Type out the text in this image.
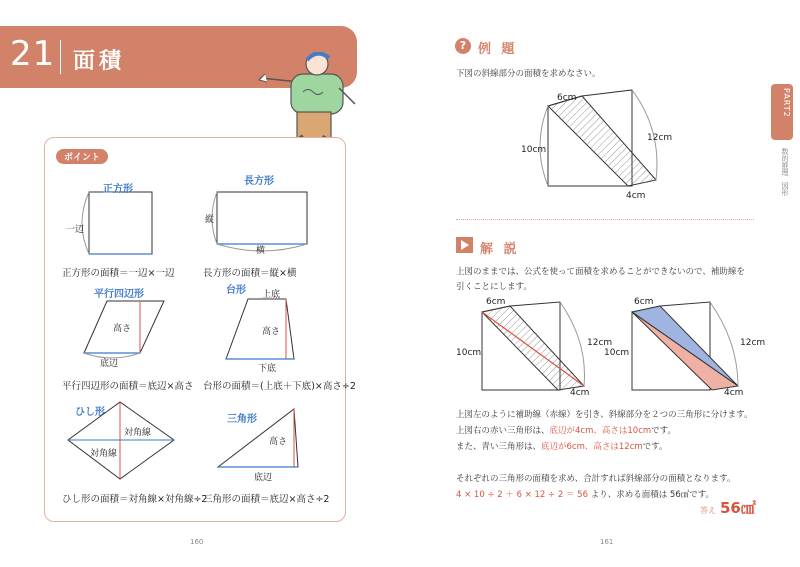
21 面積
ポイント
正方形
一辺
正方形の面積＝一辺×一辺
長方形
縦
横
長方形の面積＝縦×横
平行四辺形
高さ
底辺
平行四辺形の面積＝底辺×高さ
台形 上底
高さ
下底
台形の面積＝(上底＋下底)×高さ÷2
ひし形
対角線
対角線
ひし形の面積＝対角線×対角線÷2
三角形
高さ
底辺
三角形の面積＝底辺×高さ÷2
160
? 例 題
下図の斜線部分の面積を求めなさい。
6cm
10cm
12cm
4cm
解 説
上図のままでは、公式を使って面積を求めることができないので、補助線を
引くことにします。
6cm
10cm
12cm
4cm
6cm
10cm
12cm
4cm
上図左のように補助線（赤線）を引き、斜線部分を２つの三角形に分けます。
上図右の赤い三角形は、底辺が4cm、高さは10cmです。
また、青い三角形は、底辺が6cm、高さは12cmです。
それぞれの三角形の面積を求め、合計すれば斜線部分の面積となります。
4 × 10 ÷ 2 ＋ 6 × 12 ÷ 2 ＝ 56 より、求める面積は 56㎠です。
答え 56㎠
161
PART2
数的推理
図形
